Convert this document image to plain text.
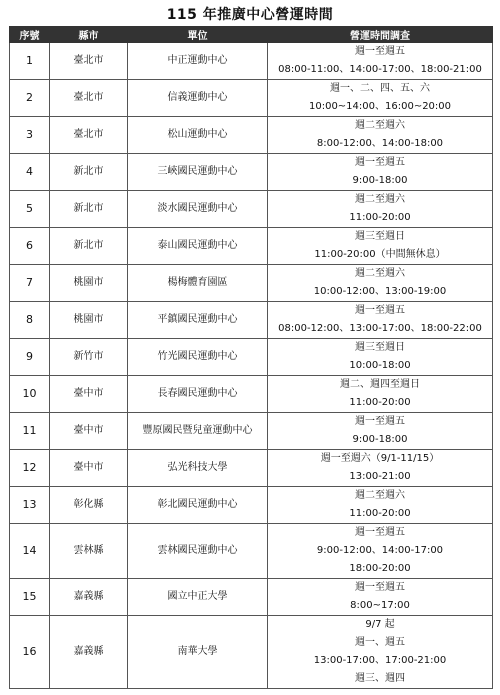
115 年推廣中心營運時間
序號	縣市	單位	營運時間調查
1	臺北市	中正運動中心	週一至週五
08:00-11:00、14:00-17:00、18:00-21:00

2	臺北市	信義運動中心	週一、二、四、五、六
10:00~14:00、16:00~20:00

3	臺北市	松山運動中心	週二至週六
8:00-12:00、14:00-18:00

4	新北市	三峽國民運動中心	週一至週五
9:00-18:00

5	新北市	淡水國民運動中心	週二至週六
11:00-20:00

6	新北市	泰山國民運動中心	週三至週日
11:00-20:00（中間無休息）

7	桃園市	楊梅體育園區	週二至週六
10:00-12:00、13:00-19:00

8	桃園市	平鎮國民運動中心	週一至週五
08:00-12:00、13:00-17:00、18:00-22:00

9	新竹市	竹光國民運動中心	週三至週日
10:00-18:00

10	臺中市	長春國民運動中心	週二、週四至週日
11:00-20:00

11	臺中市	豐原國民暨兒童運動中心	週一至週五
9:00-18:00

12	臺中市	弘光科技大學	週一至週六（9/1-11/15）
13:00-21:00

13	彰化縣	彰北國民運動中心	週二至週六
11:00-20:00

14	雲林縣	雲林國民運動中心	週一至週五
9:00-12:00、14:00-17:00
18:00-20:00

15	嘉義縣	國立中正大學	週一至週五
8:00~17:00

16	嘉義縣	南華大學	9/7 起
週一、週五
13:00-17:00、17:00-21:00
週三、週四
